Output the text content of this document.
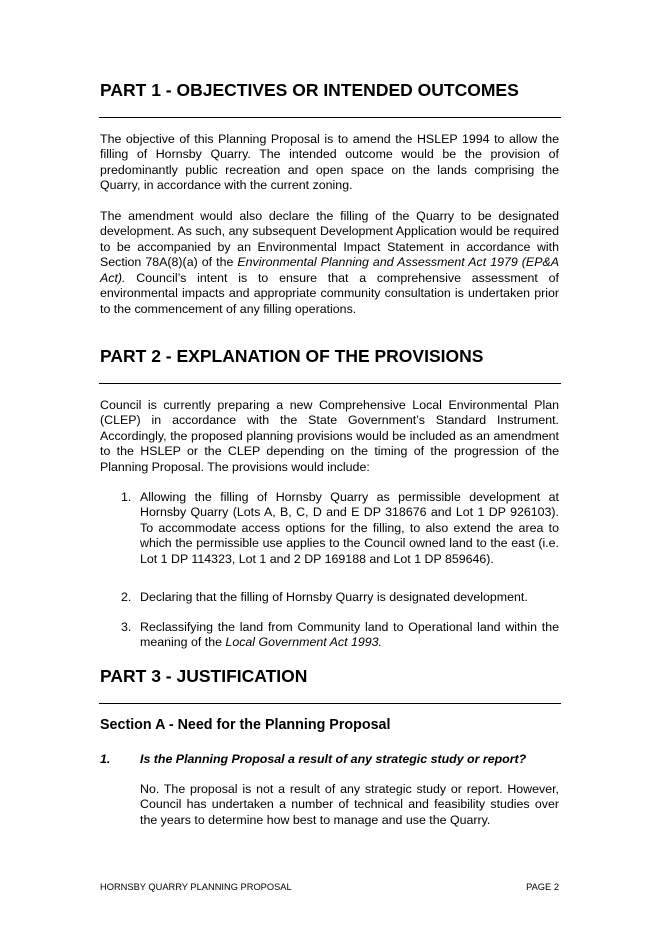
PART 1 - OBJECTIVES OR INTENDED OUTCOMES
The objective of this Planning Proposal is to amend the HSLEP 1994 to allow the filling of Hornsby Quarry. The intended outcome would be the provision of predominantly public recreation and open space on the lands comprising the Quarry, in accordance with the current zoning.
The amendment would also declare the filling of the Quarry to be designated development. As such, any subsequent Development Application would be required to be accompanied by an Environmental Impact Statement in accordance with Section 78A(8)(a) of the Environmental Planning and Assessment Act 1979 (EP&A Act). Council’s intent is to ensure that a comprehensive assessment of environmental impacts and appropriate community consultation is undertaken prior to the commencement of any filling operations.
PART 2 - EXPLANATION OF THE PROVISIONS
Council is currently preparing a new Comprehensive Local Environmental Plan (CLEP) in accordance with the State Government’s Standard Instrument. Accordingly, the proposed planning provisions would be included as an amendment to the HSLEP or the CLEP depending on the timing of the progression of the Planning Proposal. The provisions would include:
1. Allowing the filling of Hornsby Quarry as permissible development at Hornsby Quarry (Lots A, B, C, D and E DP 318676 and Lot 1 DP 926103). To accommodate access options for the filling, to also extend the area to which the permissible use applies to the Council owned land to the east (i.e. Lot 1 DP 114323, Lot 1 and 2 DP 169188 and Lot 1 DP 859646).
2. Declaring that the filling of Hornsby Quarry is designated development.
3. Reclassifying the land from Community land to Operational land within the meaning of the Local Government Act 1993.
PART 3 - JUSTIFICATION
Section A - Need for the Planning Proposal
1. Is the Planning Proposal a result of any strategic study or report?
No. The proposal is not a result of any strategic study or report. However, Council has undertaken a number of technical and feasibility studies over the years to determine how best to manage and use the Quarry.
HORNSBY QUARRY PLANNING PROPOSAL	PAGE 2
